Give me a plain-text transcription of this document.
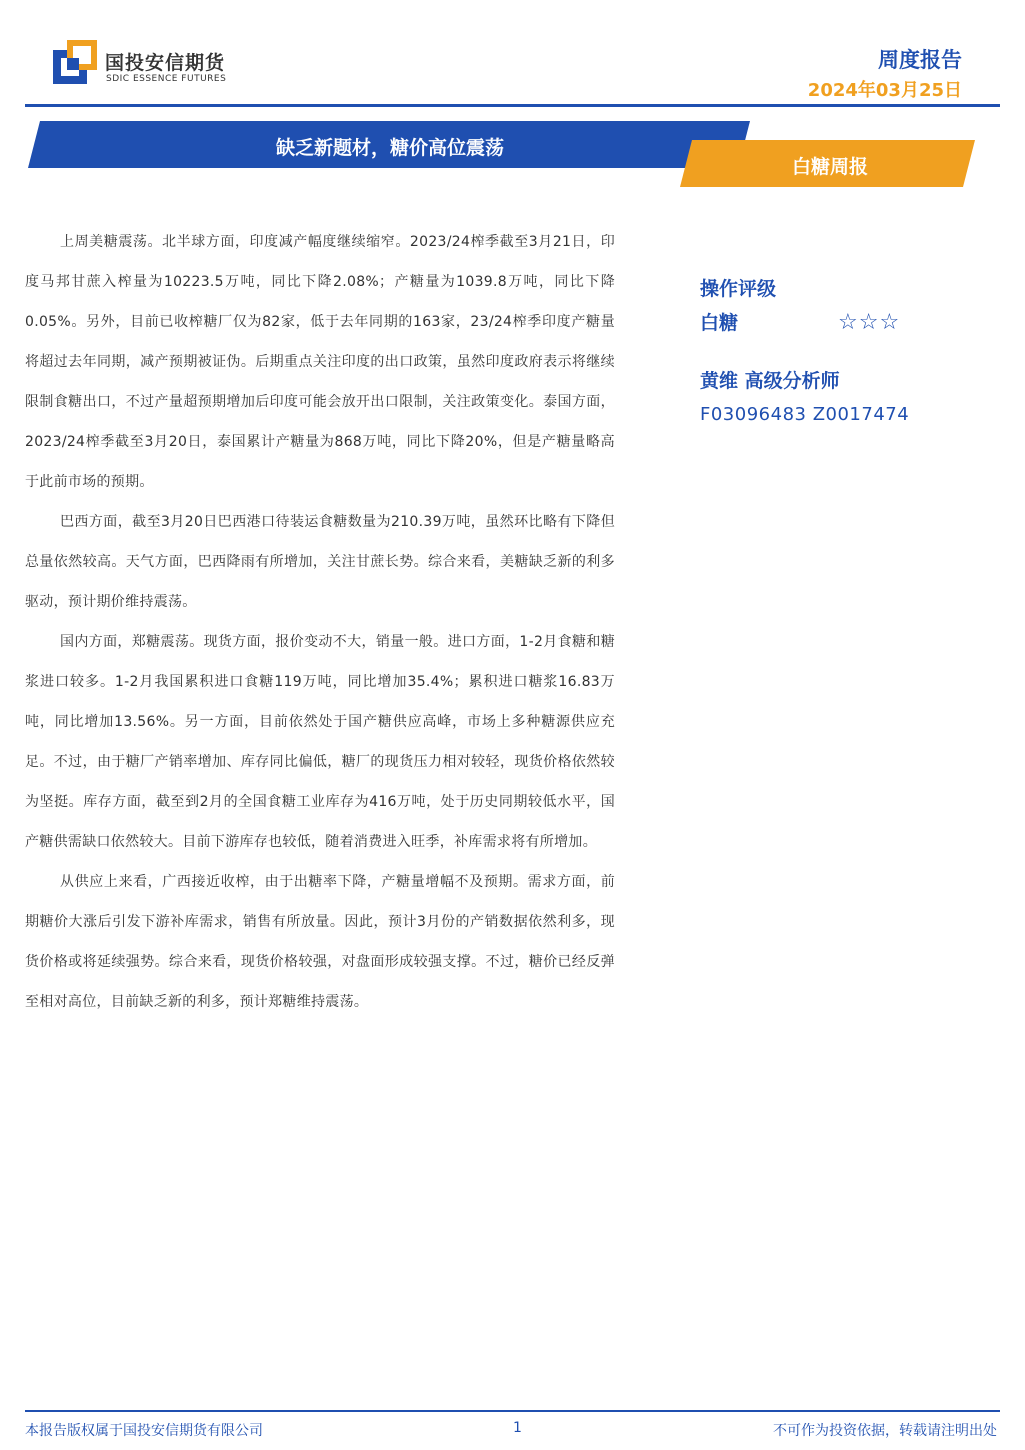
国投安信期货
SDIC ESSENCE FUTURES
周度报告
2024年03月25日
缺乏新题材，糖价高位震荡
白糖周报

上周美糖震荡。北半球方面，印度减产幅度继续缩窄。2023/24榨季截至3月21日，印度马邦甘蔗入榨量为10223.5万吨，同比下降2.08%；产糖量为1039.8万吨，同比下降0.05%。另外，目前已收榨糖厂仅为82家，低于去年同期的163家，23/24榨季印度产糖量将超过去年同期，减产预期被证伪。后期重点关注印度的出口政策，虽然印度政府表示将继续限制食糖出口，不过产量超预期增加后印度可能会放开出口限制，关注政策变化。泰国方面，2023/24榨季截至3月20日，泰国累计产糖量为868万吨，同比下降20%，但是产糖量略高于此前市场的预期。

巴西方面，截至3月20日巴西港口待装运食糖数量为210.39万吨，虽然环比略有下降但总量依然较高。天气方面，巴西降雨有所增加，关注甘蔗长势。综合来看，美糖缺乏新的利多驱动，预计期价维持震荡。

国内方面，郑糖震荡。现货方面，报价变动不大，销量一般。进口方面，1-2月食糖和糖浆进口较多。1-2月我国累积进口食糖119万吨，同比增加35.4%；累积进口糖浆16.83万吨，同比增加13.56%。另一方面，目前依然处于国产糖供应高峰，市场上多种糖源供应充足。不过，由于糖厂产销率增加、库存同比偏低，糖厂的现货压力相对较轻，现货价格依然较为坚挺。库存方面，截至到2月的全国食糖工业库存为416万吨，处于历史同期较低水平，国产糖供需缺口依然较大。目前下游库存也较低，随着消费进入旺季，补库需求将有所增加。

从供应上来看，广西接近收榨，由于出糖率下降，产糖量增幅不及预期。需求方面，前期糖价大涨后引发下游补库需求，销售有所放量。因此，预计3月份的产销数据依然利多，现货价格或将延续强势。综合来看，现货价格较强，对盘面形成较强支撑。不过，糖价已经反弹至相对高位，目前缺乏新的利多，预计郑糖维持震荡。

操作评级
白糖	☆☆☆
黄维 高级分析师
F03096483 Z0017474
本报告版权属于国投安信期货有限公司	1	不可作为投资依据，转载请注明出处
